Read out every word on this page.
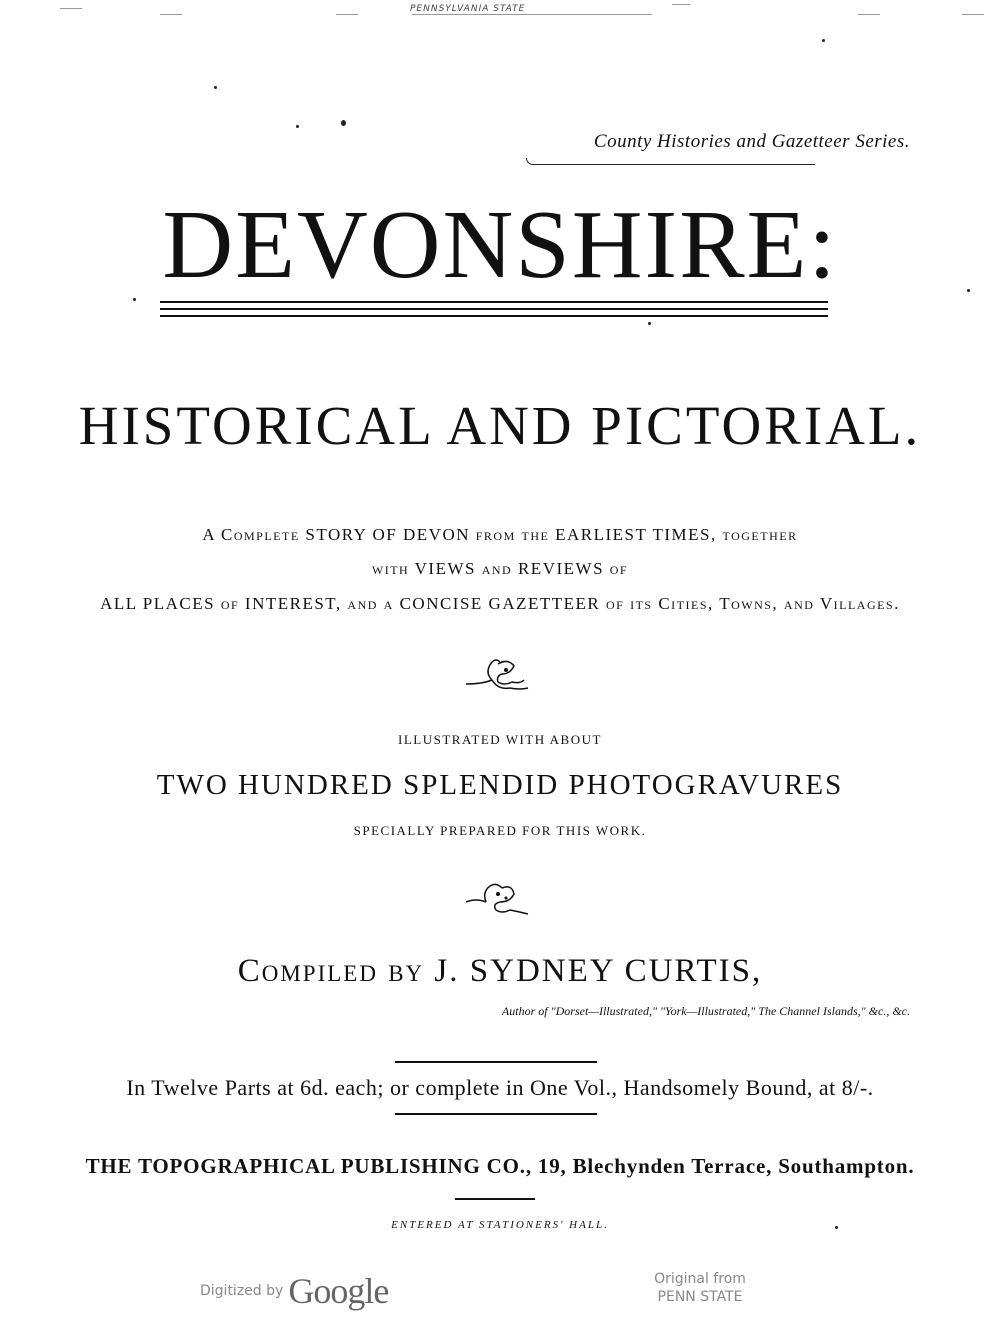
PENNSYLVANIA STATE
County Histories and Gazetteer Series.
DEVONSHIRE:
HISTORICAL AND PICTORIAL.
A Complete STORY OF DEVON from the EARLIEST TIMES, together
with VIEWS and REVIEWS of
ALL PLACES of INTEREST, and a CONCISE GAZETTEER of its Cities, Towns, and Villages.
ILLUSTRATED WITH ABOUT
TWO HUNDRED SPLENDID PHOTOGRAVURES
SPECIALLY PREPARED FOR THIS WORK.
Compiled by J. SYDNEY CURTIS,
Author of "Dorset—Illustrated," "York—Illustrated," The Channel Islands," &c., &c.
In Twelve Parts at 6d. each; or complete in One Vol., Handsomely Bound, at 8/-.
THE TOPOGRAPHICAL PUBLISHING CO., 19, Blechynden Terrace, Southampton.
ENTERED AT STATIONERS' HALL.
Digitized by Google	Original from
PENN STATE
